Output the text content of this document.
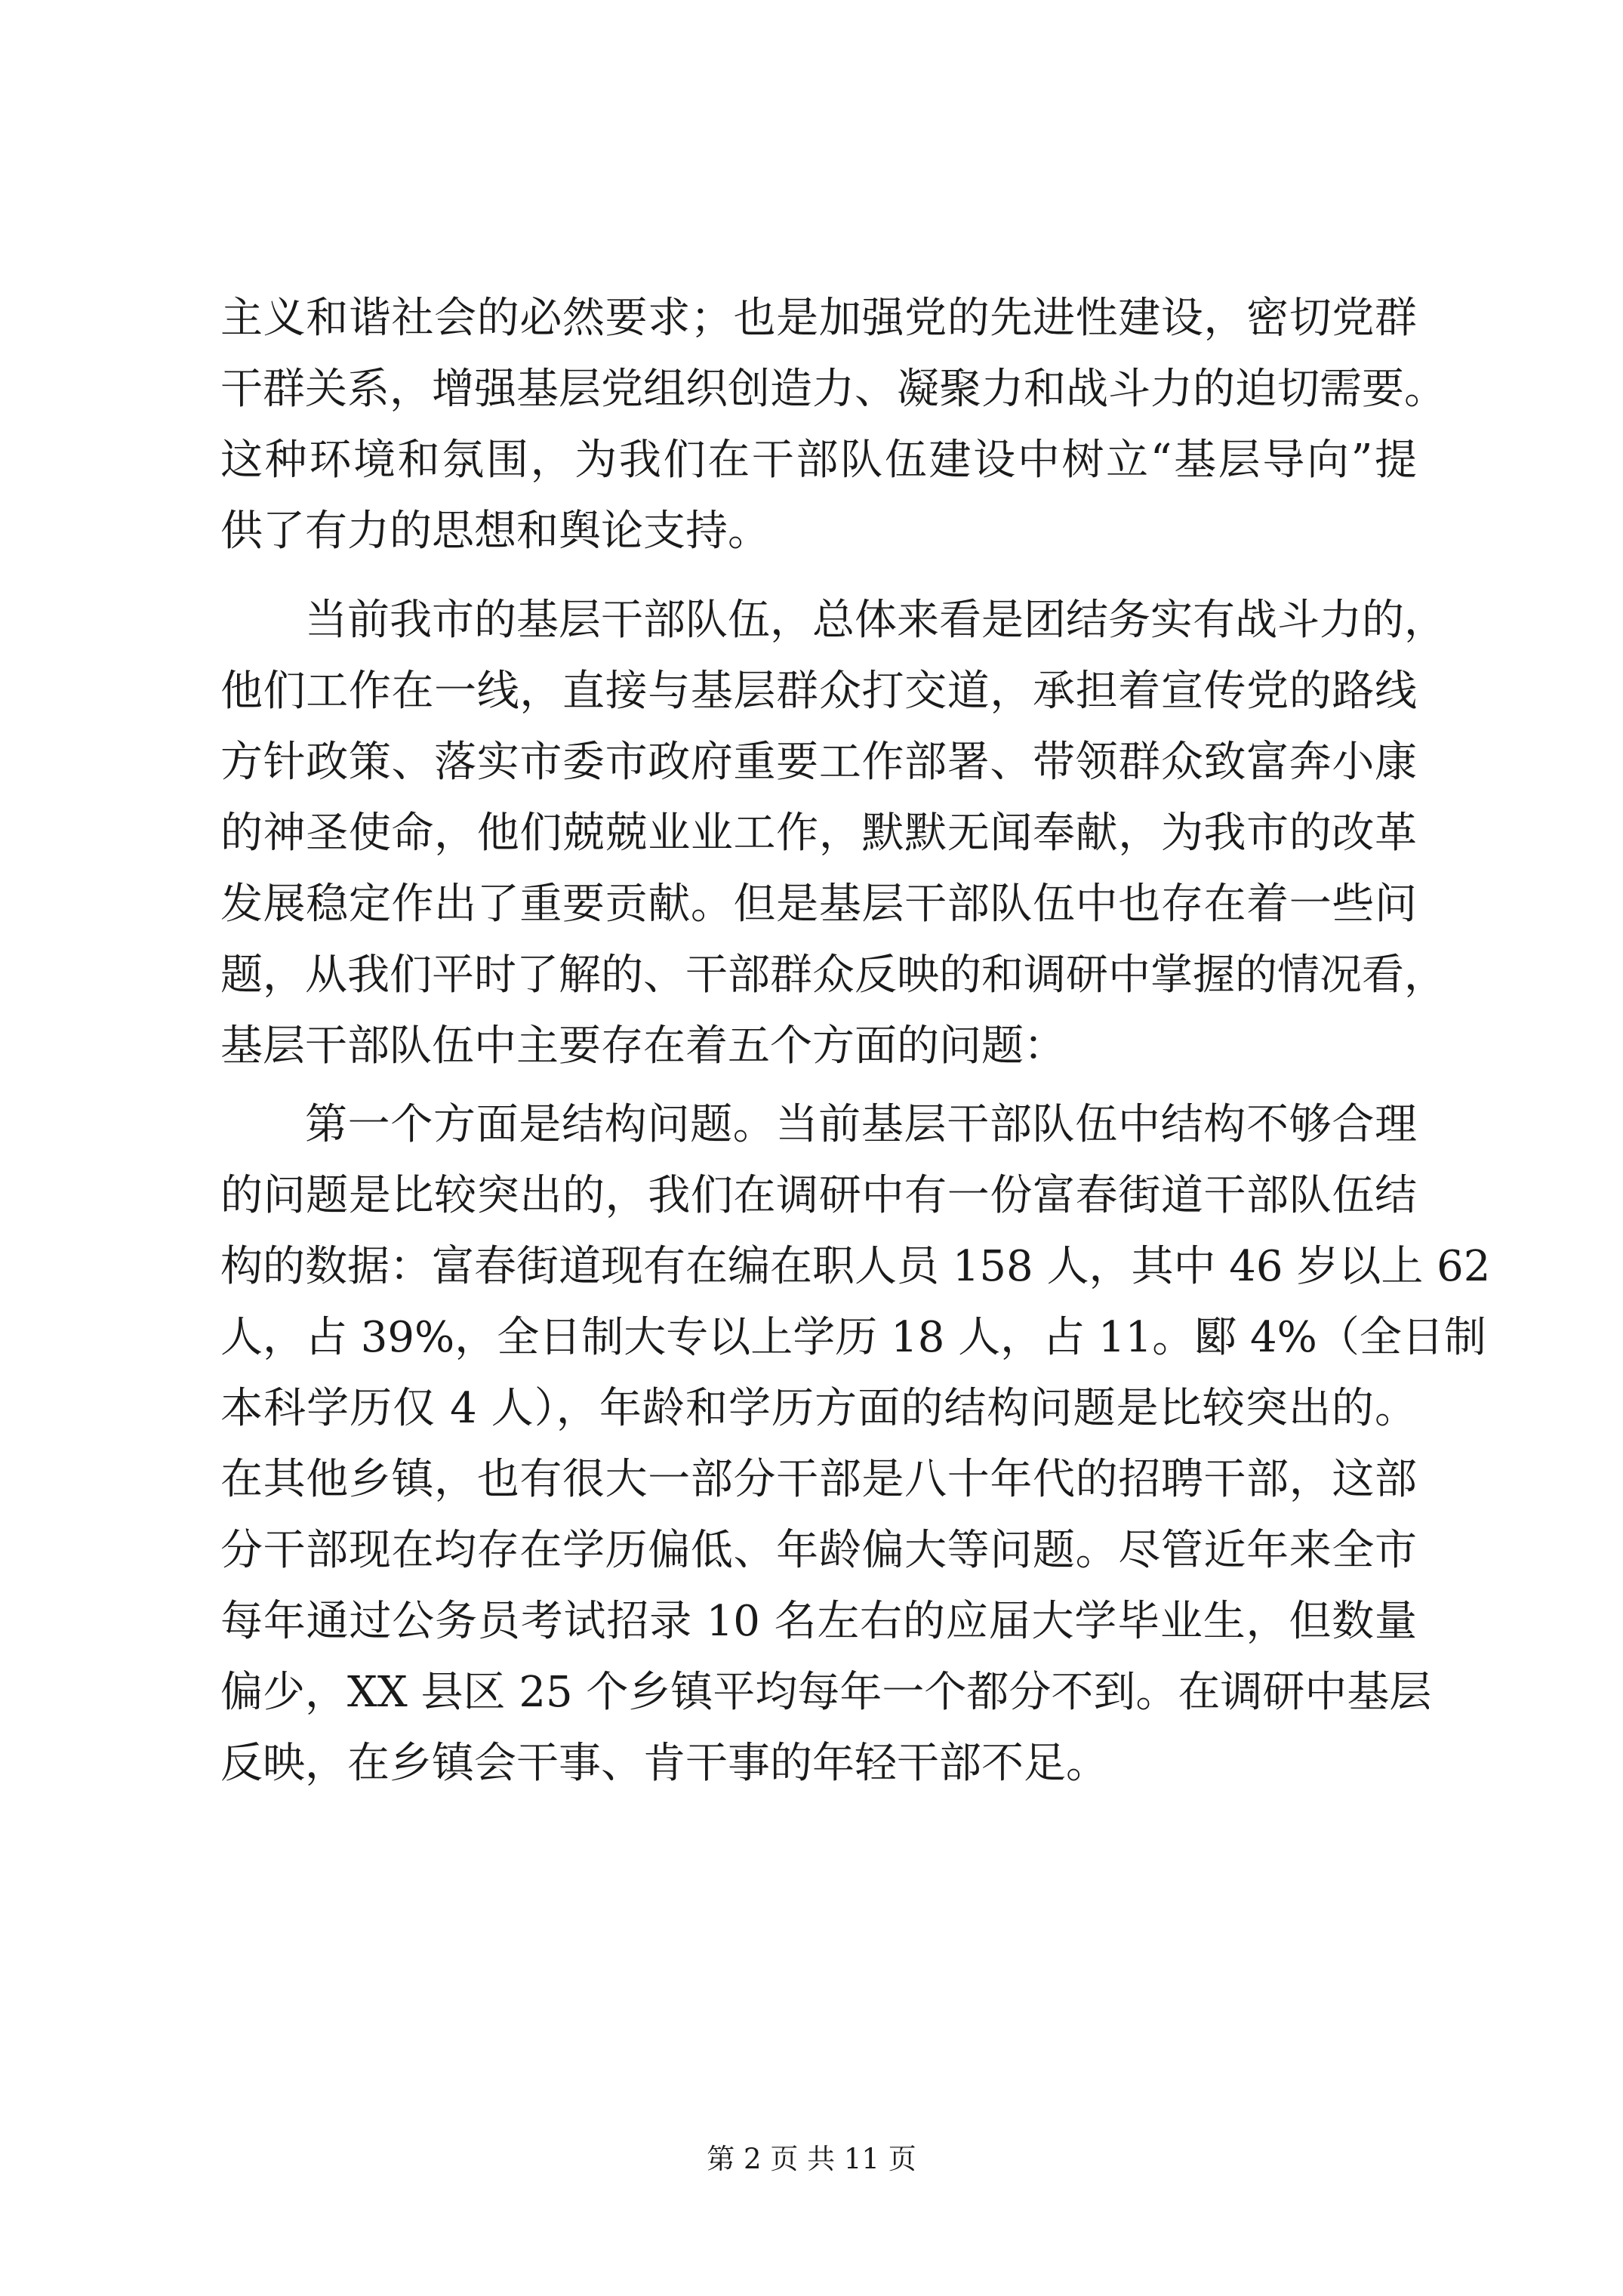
主义和谐社会的必然要求；也是加强党的先进性建设，密切党群
干群关系，增强基层党组织创造力、凝聚力和战斗力的迫切需要。
这种环境和氛围，为我们在干部队伍建设中树立“基层导向”提
供了有力的思想和舆论支持。
当前我市的基层干部队伍，总体来看是团结务实有战斗力的，
他们工作在一线，直接与基层群众打交道，承担着宣传党的路线
方针政策、落实市委市政府重要工作部署、带领群众致富奔小康
的神圣使命，他们兢兢业业工作，默默无闻奉献，为我市的改革
发展稳定作出了重要贡献。但是基层干部队伍中也存在着一些问
题，从我们平时了解的、干部群众反映的和调研中掌握的情况看，
基层干部队伍中主要存在着五个方面的问题：
第一个方面是结构问题。当前基层干部队伍中结构不够合理
的问题是比较突出的，我们在调研中有一份富春街道干部队伍结
构的数据：富春街道现有在编在职人员 158 人，其中 46 岁以上 62
人，占 39%，全日制大专以上学历 18 人，占 11。郾 4%（全日制
本科学历仅 4 人），年龄和学历方面的结构问题是比较突出的。
在其他乡镇，也有很大一部分干部是八十年代的招聘干部，这部
分干部现在均存在学历偏低、年龄偏大等问题。尽管近年来全市
每年通过公务员考试招录 10 名左右的应届大学毕业生，但数量
偏少，XX 县区 25 个乡镇平均每年一个都分不到。在调研中基层
反映，在乡镇会干事、肯干事的年轻干部不足。
第 2 页 共 11 页
